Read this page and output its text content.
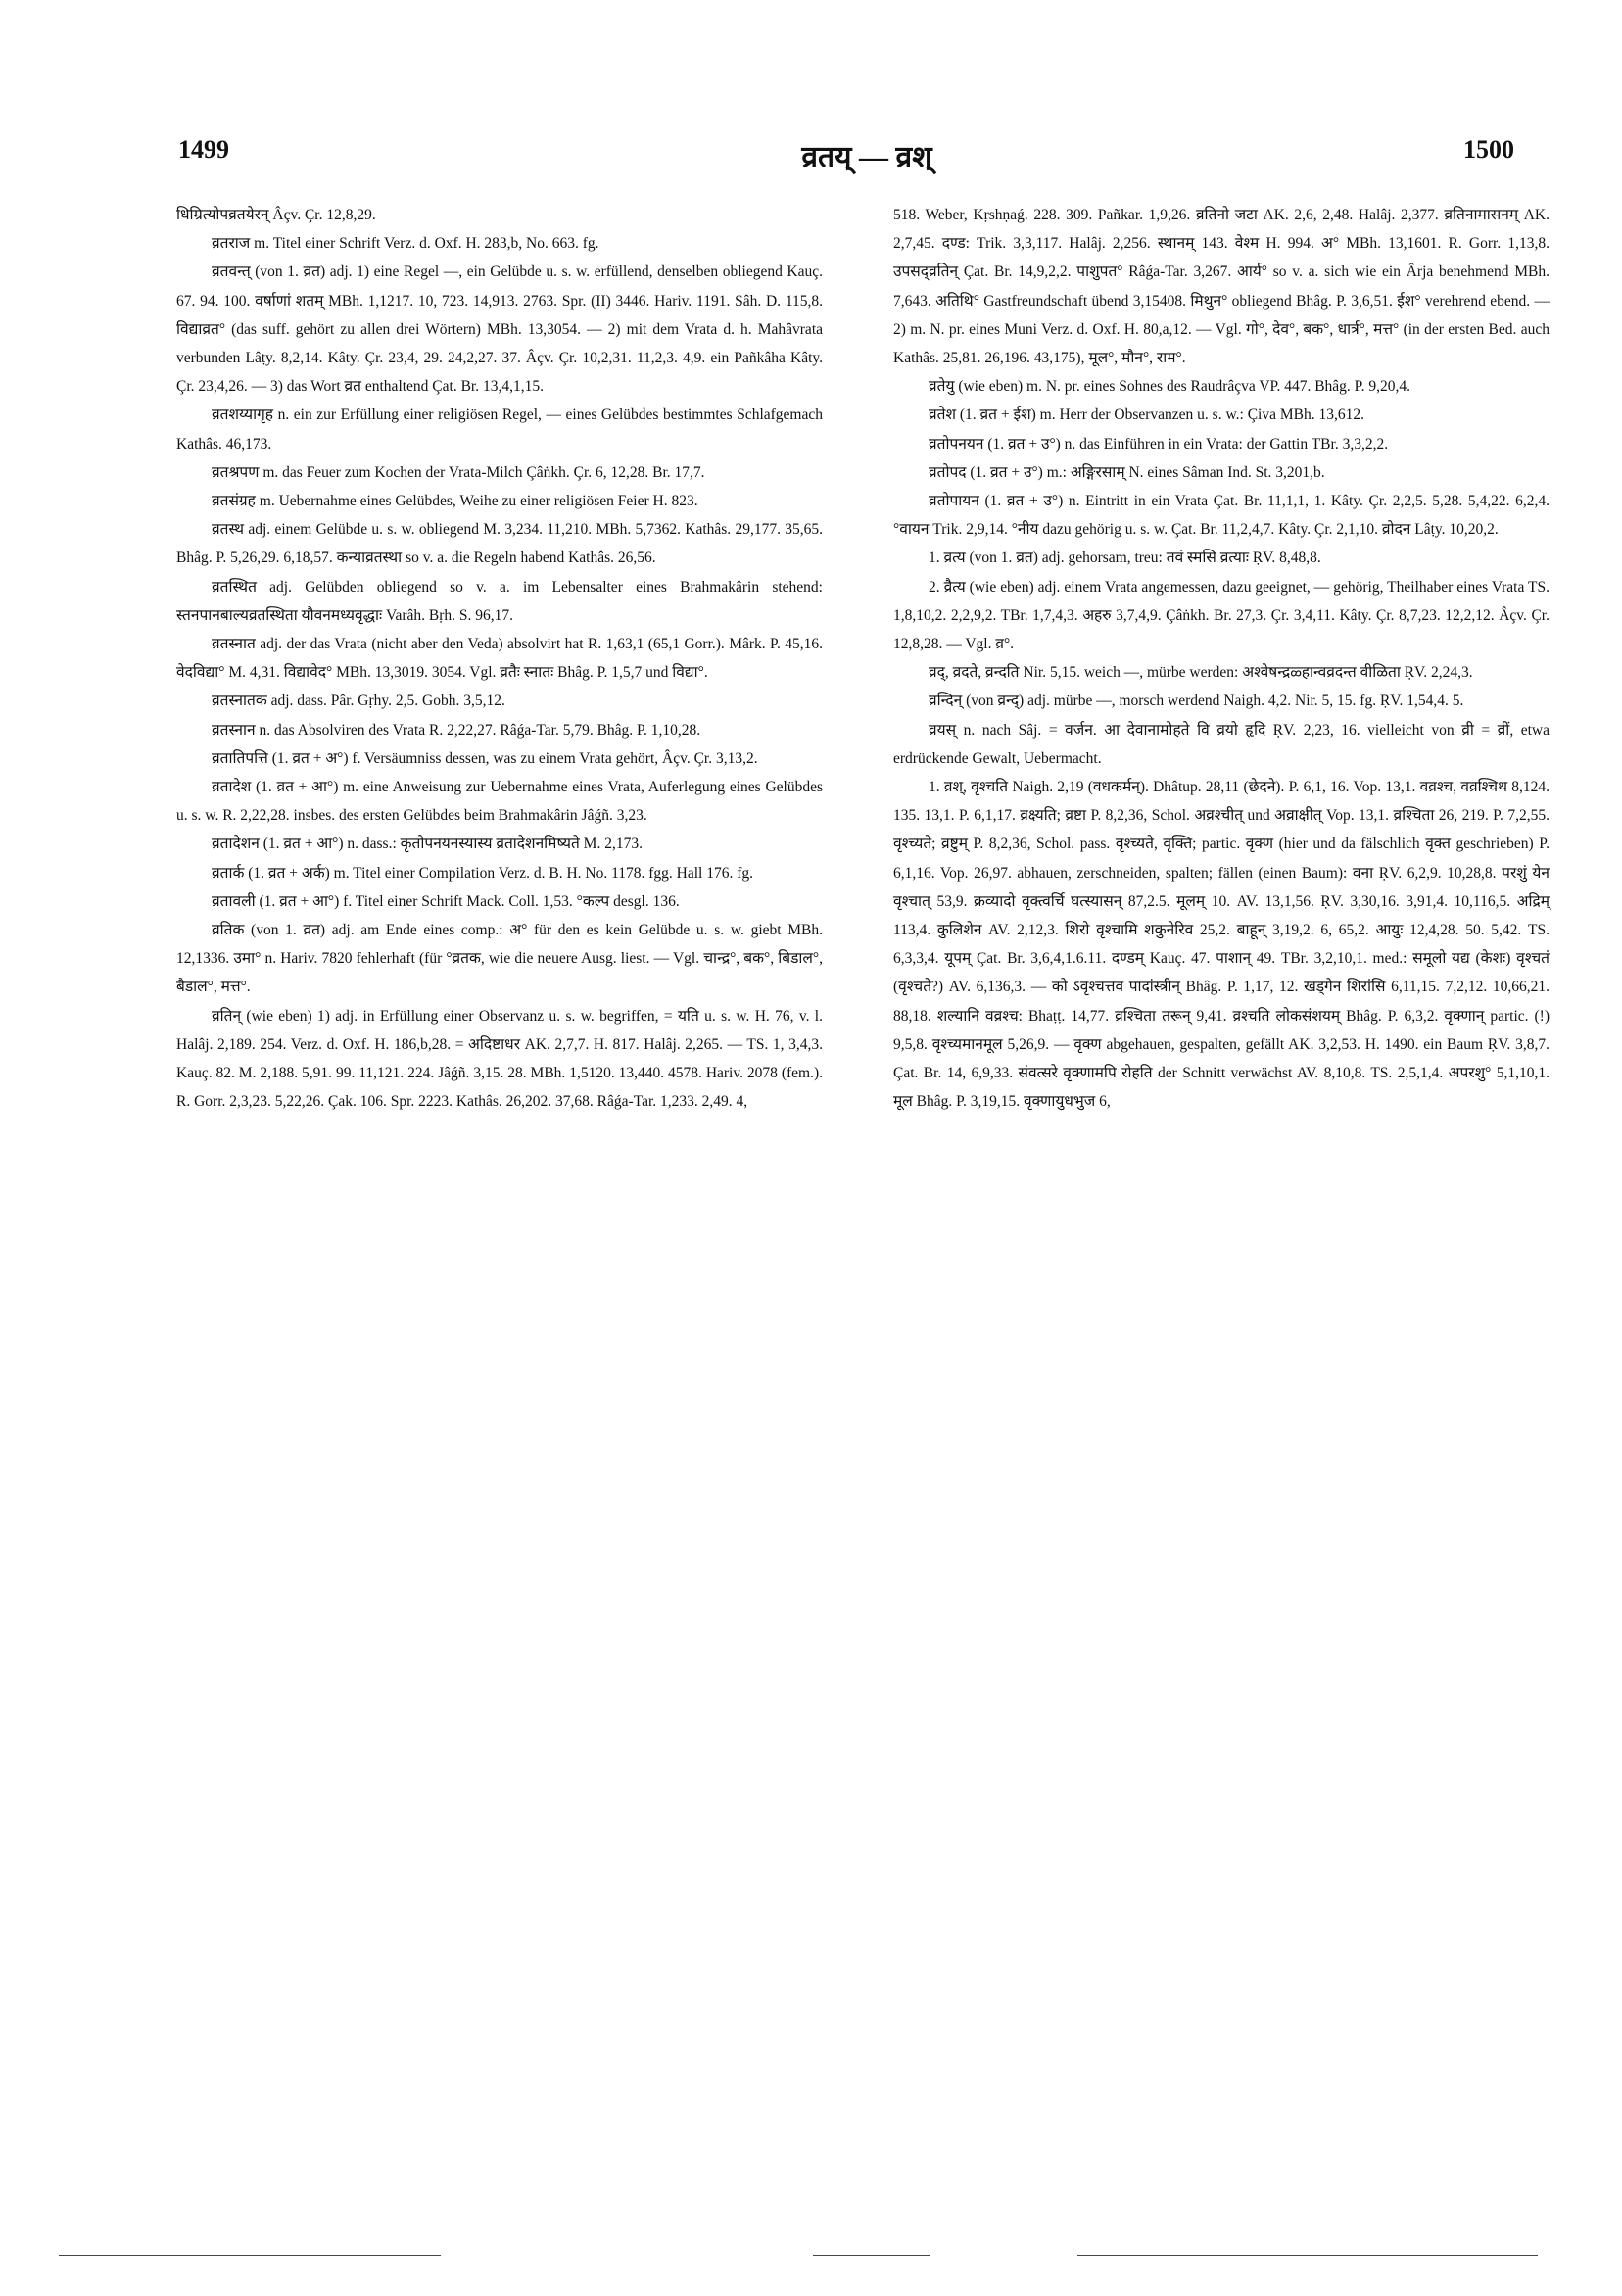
1499	व्रतय् — व्रश्	1500

धिम्रित्योपव्रतयेरन् Âçv. Çr. 12,8,29.

व्रतराज m. Titel einer Schrift Verz. d. Oxf. H. 283,b, No. 663. fg.

व्रतवन्त् (von 1. व्रत) adj. 1) eine Regel —, ein Gelübde u. s. w. erfüllend, denselben obliegend Kauç. 67. 94. 100. वर्षाणां शतम् MBh. 1,1217. 10, 723. 14,913. 2763. Spr. (II) 3446. Hariv. 1191. Sâh. D. 115,8. विद्याव्रत° (das suff. gehört zu allen drei Wörtern) MBh. 13,3054. — 2) mit dem Vrata d. h. Mahâvrata verbunden Lâṭy. 8,2,14. Kâty. Çr. 23,4, 29. 24,2,27. 37. Âçv. Çr. 10,2,31. 11,2,3. 4,9. ein Pañkâha Kâty. Çr. 23,4,26. — 3) das Wort व्रत enthaltend Çat. Br. 13,4,1,15.

व्रतशय्यागृह n. ein zur Erfüllung einer religiösen Regel, — eines Gelübdes bestimmtes Schlafgemach Kathâs. 46,173.

व्रतश्रपण m. das Feuer zum Kochen der Vrata-Milch Çâṅkh. Çr. 6, 12,28. Br. 17,7.

व्रतसंग्रह m. Uebernahme eines Gelübdes, Weihe zu einer religiösen Feier H. 823.

व्रतस्थ adj. einem Gelübde u. s. w. obliegend M. 3,234. 11,210. MBh. 5,7362. Kathâs. 29,177. 35,65. Bhâg. P. 5,26,29. 6,18,57. कन्याव्रतस्था so v. a. die Regeln habend Kathâs. 26,56.

व्रतस्थित adj. Gelübden obliegend so v. a. im Lebensalter eines Brahmakârin stehend: स्तनपानबाल्यव्रतस्थिता यौवनमध्यवृद्धाः Varâh. Bṛh. S. 96,17.

व्रतस्नात adj. der das Vrata (nicht aber den Veda) absolvirt hat R. 1,63,1 (65,1 Gorr.). Mârk. P. 45,16. वेदविद्या° M. 4,31. विद्यावेद° MBh. 13,3019. 3054. Vgl. व्रतैः स्नातः Bhâg. P. 1,5,7 und विद्या°.

व्रतस्नातक adj. dass. Pâr. Gṛhy. 2,5. Gobh. 3,5,12.

व्रतस्नान n. das Absolviren des Vrata R. 2,22,27. Râǵa-Tar. 5,79. Bhâg. P. 1,10,28.

व्रतातिपत्ति (1. व्रत + अ°) f. Versäumniss dessen, was zu einem Vrata gehört, Âçv. Çr. 3,13,2.

व्रतादेश (1. व्रत + आ°) m. eine Anweisung zur Uebernahme eines Vrata, Auferlegung eines Gelübdes u. s. w. R. 2,22,28. insbes. des ersten Gelübdes beim Brahmakârin Jâǵñ. 3,23.

व्रतादेशन (1. व्रत + आ°) n. dass.: कृतोपनयनस्यास्य व्रतादेशनमिष्यते M. 2,173.

व्रतार्क (1. व्रत + अर्क) m. Titel einer Compilation Verz. d. B. H. No. 1178. fgg. Hall 176. fg.

व्रतावली (1. व्रत + आ°) f. Titel einer Schrift Mack. Coll. 1,53. °कल्प desgl. 136.

व्रतिक (von 1. व्रत) adj. am Ende eines comp.: अ° für den es kein Gelübde u. s. w. giebt MBh. 12,1336. उमा° n. Hariv. 7820 fehlerhaft (für °व्रतक, wie die neuere Ausg. liest. — Vgl. चान्द्र°, बक°, बिडाल°, बैडाल°, मत्त°.

व्रतिन् (wie eben) 1) adj. in Erfüllung einer Observanz u. s. w. begriffen, = यति u. s. w. H. 76, v. l. Halâj. 2,189. 254. Verz. d. Oxf. H. 186,b,28. = अदिष्टाधर AK. 2,7,7. H. 817. Halâj. 2,265. — TS. 1, 3,4,3. Kauç. 82. M. 2,188. 5,91. 99. 11,121. 224. Jâǵñ. 3,15. 28. MBh. 1,5120. 13,440. 4578. Hariv. 2078 (fem.). R. Gorr. 2,3,23. 5,22,26. Çak. 106. Spr. 2223. Kathâs. 26,202. 37,68. Râǵa-Tar. 1,233. 2,49. 4,

518. Weber, Kṛshṇaǵ. 228. 309. Pañkar. 1,9,26. व्रतिनो जटा AK. 2,6, 2,48. Halâj. 2,377. व्रतिनामासनम् AK. 2,7,45. दण्ड: Trik. 3,3,117. Halâj. 2,256. स्थानम् 143. वेश्म H. 994. अ° MBh. 13,1601. R. Gorr. 1,13,8. उपसद्व्रतिन् Çat. Br. 14,9,2,2. पाशुपत° Râǵa-Tar. 3,267. आर्य° so v. a. sich wie ein Ârja benehmend MBh. 7,643. अतिथि° Gastfreundschaft übend 3,15408. मिथुन° obliegend Bhâg. P. 3,6,51. ईश° verehrend ebend. — 2) m. N. pr. eines Muni Verz. d. Oxf. H. 80,a,12. — Vgl. गो°, देव°, बक°, धार्त्र°, मत्त° (in der ersten Bed. auch Kathâs. 25,81. 26,196. 43,175), मूल°, मौन°, राम°.

व्रतेयु (wie eben) m. N. pr. eines Sohnes des Raudrâçva VP. 447. Bhâg. P. 9,20,4.

व्रतेश (1. व्रत + ईश) m. Herr der Observanzen u. s. w.: Çiva MBh. 13,612.

व्रतोपनयन (1. व्रत + उ°) n. das Einführen in ein Vrata: der Gattin TBr. 3,3,2,2.

व्रतोपद (1. व्रत + उ°) m.: अङ्गिरसाम् N. eines Sâman Ind. St. 3,201,b.

व्रतोपायन (1. व्रत + उ°) n. Eintritt in ein Vrata Çat. Br. 11,1,1, 1. Kâty. Çr. 2,2,5. 5,28. 5,4,22. 6,2,4. °वायन Trik. 2,9,14. °नीय dazu gehörig u. s. w. Çat. Br. 11,2,4,7. Kâty. Çr. 2,1,10. व्रोदन Lâṭy. 10,20,2.

1. व्रत्य (von 1. व्रत) adj. gehorsam, treu: तवं स्मसि व्रत्याः ṚV. 8,48,8.

2. व्रैत्य (wie eben) adj. einem Vrata angemessen, dazu geeignet, — gehörig, Theilhaber eines Vrata TS. 1,8,10,2. 2,2,9,2. TBr. 1,7,4,3. अहरु 3,7,4,9. Çâṅkh. Br. 27,3. Çr. 3,4,11. Kâty. Çr. 8,7,23. 12,2,12. Âçv. Çr. 12,8,28. — Vgl. व्र°.

व्रद्, व्रदते, व्रन्दति Nir. 5,15. weich —, mürbe werden: अश्वेषन्द्र‌ळ्हान्वव्रदन्त वीळिता ṚV. 2,24,3.

व्रन्दिन् (von व्रन्द्) adj. mürbe —, morsch werdend Naigh. 4,2. Nir. 5, 15. fg. ṚV. 1,54,4. 5.

व्रयस् n. nach Sâj. = वर्जन. आ देवानामोहते वि व्रयो हृदि ṚV. 2,23, 16. vielleicht von व्री = व्रीं, etwa erdrückende Gewalt, Uebermacht.

1. व्रश्, वृश्चति Naigh. 2,19 (वधकर्मन्). Dhâtup. 28,11 (छेदने). P. 6,1, 16. Vop. 13,1. वव्रश्च, वव्रश्चिथ 8,124. 135. 13,1. P. 6,1,17. व्रक्ष्यति; व्रष्टा P. 8,2,36, Schol. अव्रश्चीत् und अव्राक्षीत् Vop. 13,1. व्रश्चिता 26, 219. P. 7,2,55. वृश्च्यते; व्रष्टुम् P. 8,2,36, Schol. pass. वृश्च्यते, वृक्ति; partic. वृक्ण (hier und da fälschlich वृक्त geschrieben) P. 6,1,16. Vop. 26,97. abhauen, zerschneiden, spalten; fällen (einen Baum): वना ṚV. 6,2,9. 10,28,8. परशुं येन वृश्चात् 53,9. क्रव्यादो वृक्त्वर्चि घत्स्यासन् 87,2.5. मूलम् 10. AV. 13,1,56. ṚV. 3,30,16. 3,91,4. 10,116,5. अद्रिम् 113,4. कुलिशेन AV. 2,12,3. शिरो वृश्चामि शकुनेरिव 25,2. बाहून् 3,19,2. 6, 65,2. आयुः 12,4,28. 50. 5,42. TS. 6,3,3,4. यूपम् Çat. Br. 3,6,4,1.6.11. दण्डम् Kauç. 47. पाशान् 49. TBr. 3,2,10,1. med.: समूलो यद्य (केशः) वृश्चतं (वृश्चते?) AV. 6,136,3. — को ऽवृश्चत्तव पादांस्त्रीन् Bhâg. P. 1,17, 12. खड्गेन शिरांसि 6,11,15. 7,2,12. 10,66,21. 88,18. शल्यानि वव्रश्च: Bhaṭṭ. 14,77. व्रश्चिता तरून् 9,41. व्रश्चति लोकसंशयम् Bhâg. P. 6,3,2. वृक्णान् partic. (!) 9,5,8. वृश्च्यमानमूल 5,26,9. — वृक्ण abgehauen, gespalten, gefällt AK. 3,2,53. H. 1490. ein Baum ṚV. 3,8,7. Çat. Br. 14, 6,9,33. संवत्सरे वृक्णामपि रोहति der Schnitt verwächst AV. 8,10,8. TS. 2,5,1,4. अपरशु° 5,1,10,1. मूल Bhâg. P. 3,19,15. वृक्णायुधभुज 6,
